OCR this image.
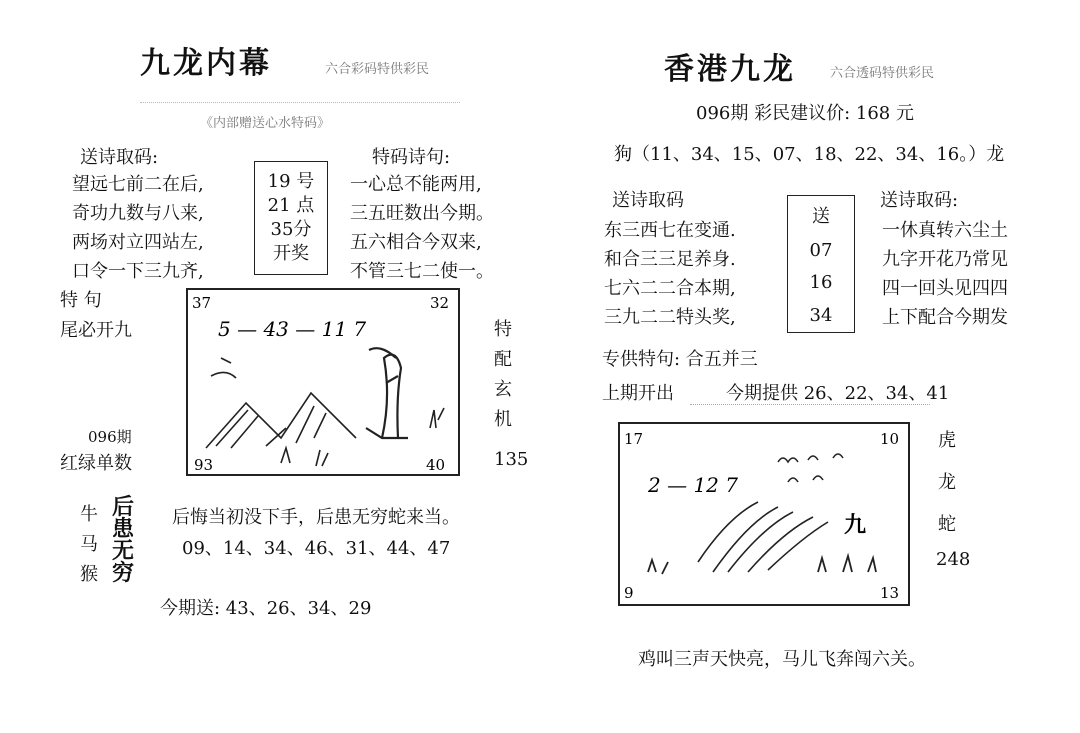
九龙内幕	六合彩码特供彩民
《内部赠送心水特码》
送诗取码:
望远七前二在后,
奇功九数与八来,
两场对立四站左,
口令一下三九齐,
19 号
21 点
35分
开奖
特码诗句:
一心总不能两用,
三五旺数出今期。
五六相合今双来,
不管三七二使一。
特 句
尾必开九
096期
红绿单数
37	32
93	40
5 — 43 — 11 7	特
配
玄
机
135
牛
马
猴
后
患
无
穷
后悔当初没下手，后患无穷蛇来当。
09、14、34、46、31、44、47
今期送: 43、26、34、29
香港九龙	六合透码特供彩民
096期 彩民建议价: 168 元
狗（11、34、15、07、18、22、34、16。）龙
送诗取码
东三西七在变通.
和合三三足养身.
七六二二合本期,
三九二二特头奖,
送
07
16
34
送诗取码:
一休真转六尘土
九字开花乃常见
四一回头见四四
上下配合今期发
专供特句: 合五并三
上期开出	今期提供 26、22、34、41
17	10
9	13
2 — 12 7
九
虎
龙
蛇
248
鸡叫三声天快亮，马儿飞奔闯六关。
